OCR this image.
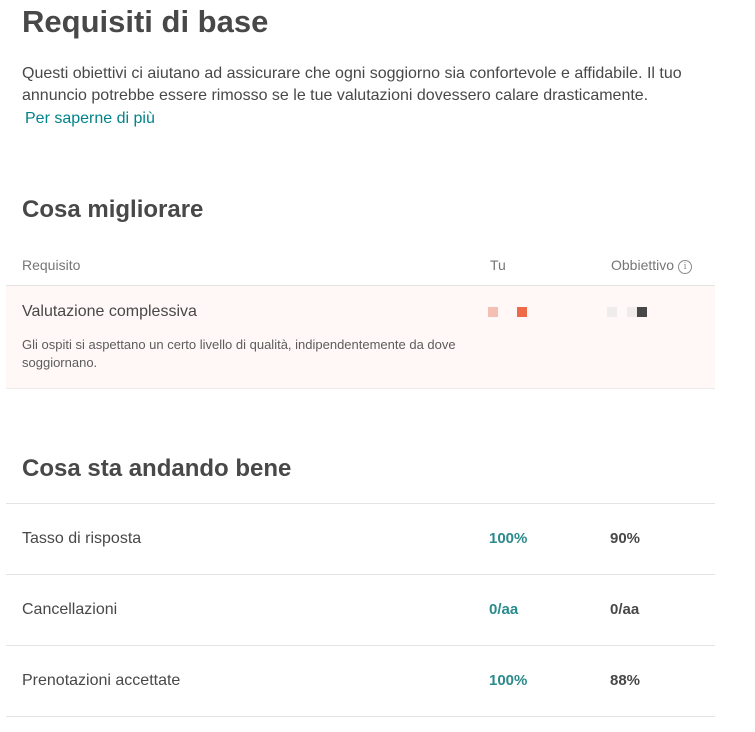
Requisiti di base

Questi obiettivi ci aiutano ad assicurare che ogni soggiorno sia confortevole e affidabile. Il tuo annuncio potrebbe essere rimosso se le tue valutazioni dovessero calare drasticamente.

Per saperne di più
Cosa migliorare
Requisito	Tu	Obbiettivo i
Valutazione complessiva
Gli ospiti si aspettano un certo livello di qualità, indipendentemente da dove soggiornano.
Cosa sta andando bene
Tasso di risposta	100%	90%
Cancellazioni	0/aa	0/aa
Prenotazioni accettate	100%	88%
